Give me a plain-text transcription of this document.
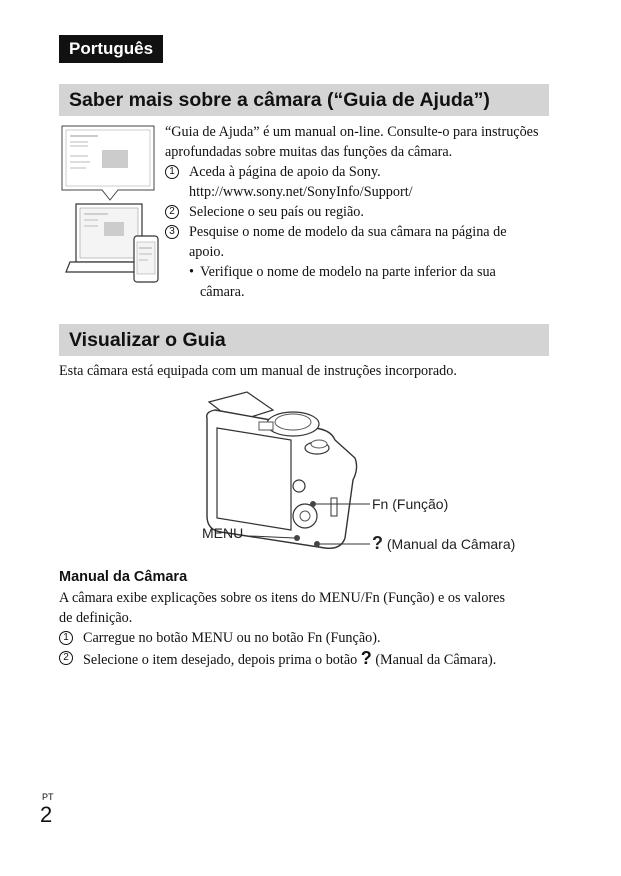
Português
Saber mais sobre a câmara (“Guia de Ajuda”)
“Guia de Ajuda” é um manual on-line. Consulte-o para instruções aprofundadas sobre muitas das funções da câmara.
1 Aceda à página de apoio da Sony.
http://www.sony.net/SonyInfo/Support/
2 Selecione o seu país ou região.
3 Pesquise o nome de modelo da sua câmara na página de
apoio.
• Verifique o nome de modelo na parte inferior da sua
câmara.
Visualizar o Guia
Esta câmara está equipada com um manual de instruções incorporado.
Fn (Função)
MENU	? (Manual da Câmara)
Manual da Câmara
A câmara exibe explicações sobre os itens do MENU/Fn (Função) e os valores
de definição.
1 Carregue no botão MENU ou no botão Fn (Função).
2 Selecione o item desejado, depois prima o botão ? (Manual da Câmara).
PT
2
